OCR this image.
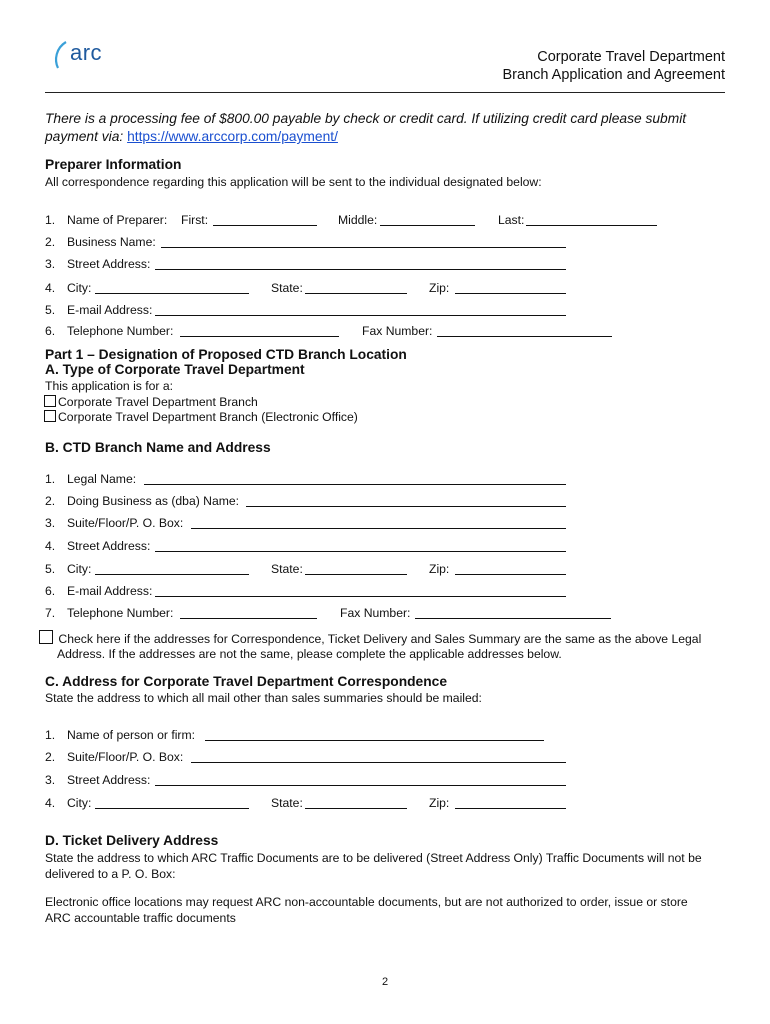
arc	Corporate Travel Department
Branch Application and Agreement
There is a processing fee of $800.00 payable by check or credit card. If utilizing credit card please submit payment via: https://www.arccorp.com/payment/
Preparer Information
All correspondence regarding this application will be sent to the individual designated below:
1. Name of Preparer: First:	Middle:	Last:
2. Business Name:
3. Street Address:
4. City:	State:	Zip:
5. E-mail Address:
6. Telephone Number:	Fax Number:
Part 1 – Designation of Proposed CTD Branch Location
A. Type of Corporate Travel Department
This application is for a:
Corporate Travel Department Branch
Corporate Travel Department Branch (Electronic Office)
B. CTD Branch Name and Address
1. Legal Name:
2. Doing Business as (dba) Name:
3. Suite/Floor/P. O. Box:
4. Street Address:
5. City:	State:	Zip:
6. E-mail Address:
7. Telephone Number:	Fax Number:
Check here if the addresses for Correspondence, Ticket Delivery and Sales Summary are the same as the above Legal
Address. If the addresses are not the same, please complete the applicable addresses below.
C. Address for Corporate Travel Department Correspondence
State the address to which all mail other than sales summaries should be mailed:
1. Name of person or firm:
2. Suite/Floor/P. O. Box:
3. Street Address:
4. City:	State:	Zip:
D. Ticket Delivery Address
State the address to which ARC Traffic Documents are to be delivered (Street Address Only) Traffic Documents will not be
delivered to a P. O. Box:
Electronic office locations may request ARC non-accountable documents, but are not authorized to order, issue or store
ARC accountable traffic documents
2
